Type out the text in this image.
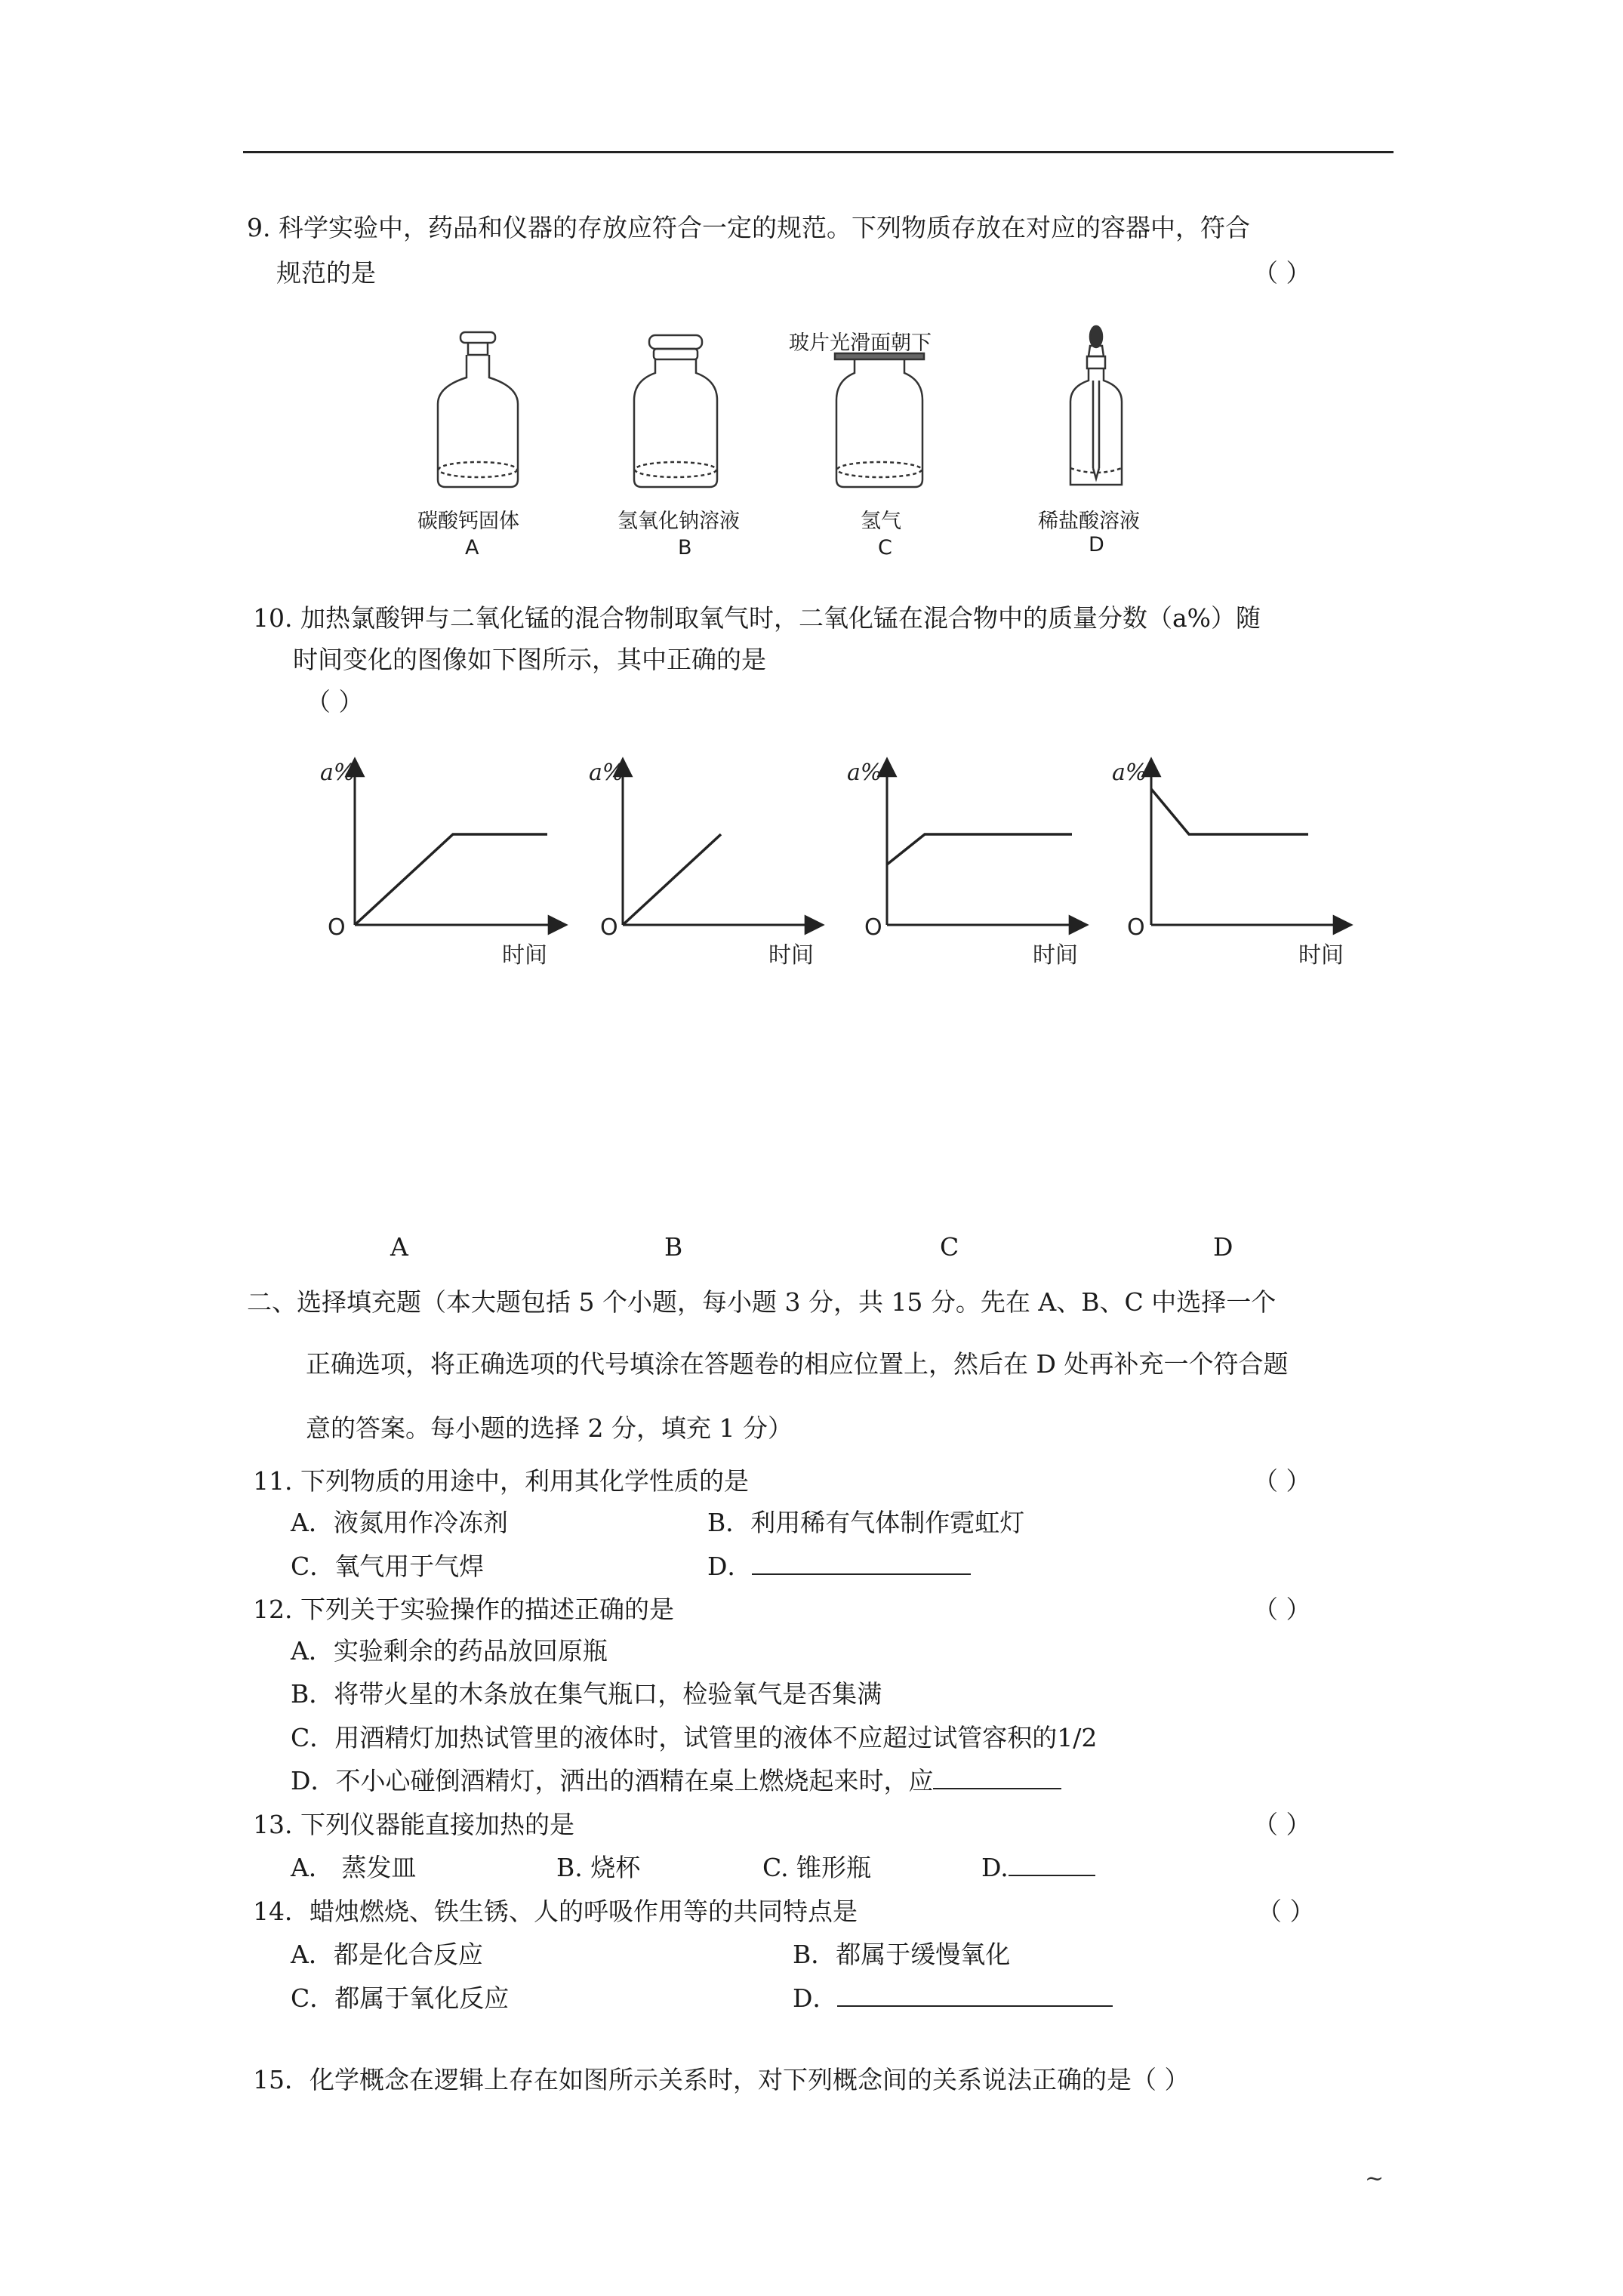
9. 科学实验中，药品和仪器的存放应符合一定的规范。下列物质存放在对应的容器中，符合
规范的是	（ ）
玻片光滑面朝下
碳酸钙固体
A
氢氧化钠溶液
B
氢气
C
稀盐酸溶液
D
10. 加热氯酸钾与二氧化锰的混合物制取氧气时，二氧化锰在混合物中的质量分数（a%）随
时间变化的图像如下图所示，其中正确的是
（ ）
a%
O
时间
a%
O
时间
a%
O
时间
a%
O
时间
A	B	C	D
二、选择填充题（本大题包括 5 个小题，每小题 3 分，共 15 分。先在 A、B、C 中选择一个
正确选项，将正确选项的代号填涂在答题卷的相应位置上，然后在 D 处再补充一个符合题
意的答案。每小题的选择 2 分，填充 1 分）
11. 下列物质的用途中，利用其化学性质的是	（ ）
A．液氮用作冷冻剂	B．利用稀有气体制作霓虹灯
C．氧气用于气焊	D．
12. 下列关于实验操作的描述正确的是	（ ）
A．实验剩余的药品放回原瓶
B．将带火星的木条放在集气瓶口，检验氧气是否集满
C．用酒精灯加热试管里的液体时，试管里的液体不应超过试管容积的1/2
D．不小心碰倒酒精灯，洒出的酒精在桌上燃烧起来时，应
13. 下列仪器能直接加热的是	（ ）
A． 蒸发皿	B. 烧杯	C. 锥形瓶	D.
14．蜡烛燃烧、铁生锈、人的呼吸作用等的共同特点是	（ ）
A．都是化合反应	B．都属于缓慢氧化
C．都属于氧化反应	D．
15．化学概念在逻辑上存在如图所示关系时，对下列概念间的关系说法正确的是（ ）
~
